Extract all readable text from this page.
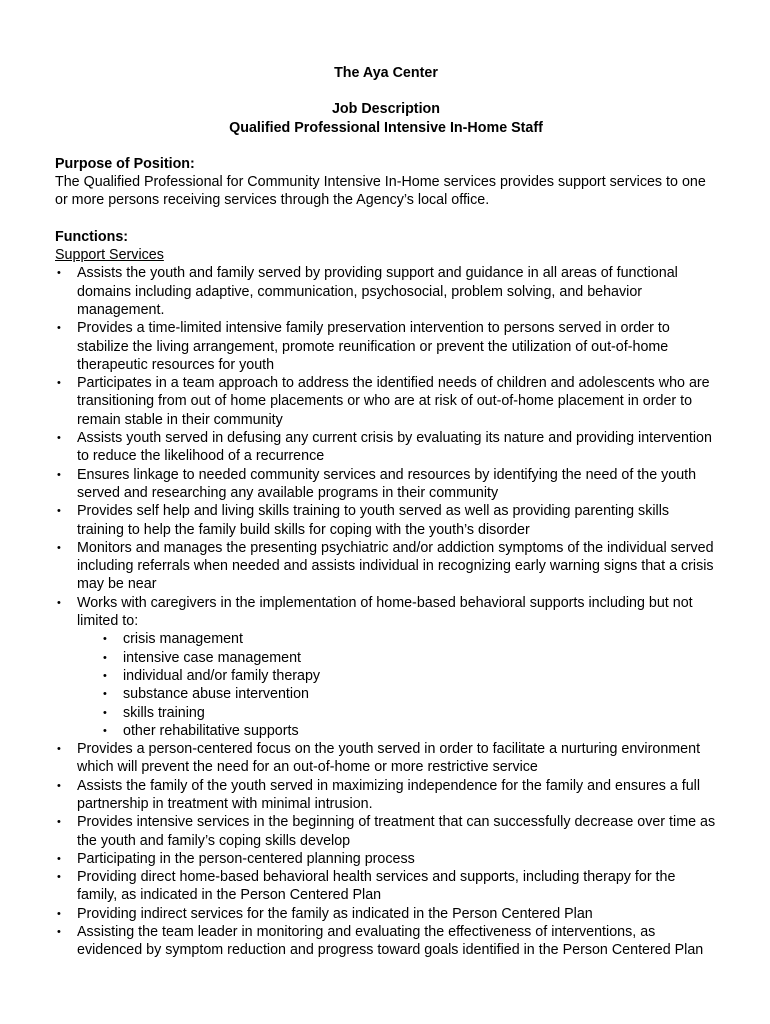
The Aya Center
Job Description
Qualified Professional Intensive In-Home Staff
Purpose of Position:

The Qualified Professional for Community Intensive In-Home services provides support services to one or more persons receiving services through the Agency’s local office.

Functions:
Support Services
• Assists the youth and family served by providing support and guidance in all areas of functional domains including adaptive, communication, psychosocial, problem solving, and behavior management.
• Provides a time-limited intensive family preservation intervention to persons served in order to stabilize the living arrangement, promote reunification or prevent the utilization of out-of-home therapeutic resources for youth
• Participates in a team approach to address the identified needs of children and adolescents who are transitioning from out of home placements or who are at risk of out-of-home placement in order to remain stable in their community
• Assists youth served in defusing any current crisis by evaluating its nature and providing intervention to reduce the likelihood of a recurrence
• Ensures linkage to needed community services and resources by identifying the need of the youth served and researching any available programs in their community
• Provides self help and living skills training to youth served as well as providing parenting skills training to help the family build skills for coping with the youth’s disorder
• Monitors and manages the presenting psychiatric and/or addiction symptoms of the individual served including referrals when needed and assists individual in recognizing early warning signs that a crisis may be near
• Works with caregivers in the implementation of home-based behavioral supports including but not limited to:
• crisis management
• intensive case management
• individual and/or family therapy
• substance abuse intervention
• skills training
• other rehabilitative supports
• Provides a person-centered focus on the youth served in order to facilitate a nurturing environment which will prevent the need for an out-of-home or more restrictive service
• Assists the family of the youth served in maximizing independence for the family and ensures a full partnership in treatment with minimal intrusion.
• Provides intensive services in the beginning of treatment that can successfully decrease over time as the youth and family’s coping skills develop
• Participating in the person-centered planning process
• Providing direct home-based behavioral health services and supports, including therapy for the family, as indicated in the Person Centered Plan
• Providing indirect services for the family as indicated in the Person Centered Plan
• Assisting the team leader in monitoring and evaluating the effectiveness of interventions, as evidenced by symptom reduction and progress toward goals identified in the Person Centered Plan
